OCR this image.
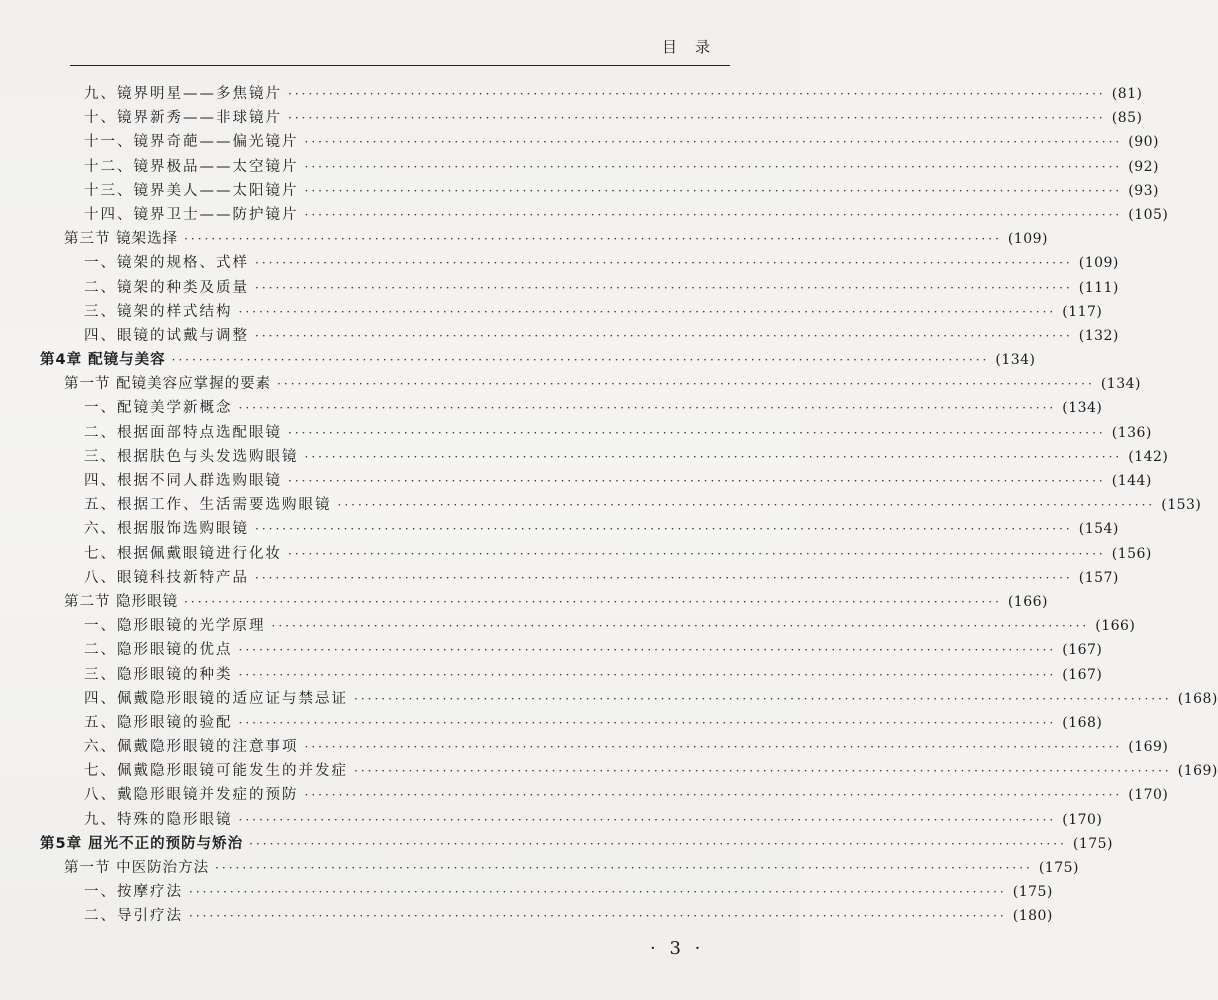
目录
九、镜界明星——多焦镜片 ························································································································ (81)
十、镜界新秀——非球镜片 ························································································································ (85)
十一、镜界奇葩——偏光镜片 ························································································································ (90)
十二、镜界极品——太空镜片 ························································································································ (92)
十三、镜界美人——太阳镜片 ························································································································ (93)
十四、镜界卫士——防护镜片 ························································································································ (105)
第三节 镜架选择 ························································································································ (109)
一、镜架的规格、式样 ························································································································ (109)
二、镜架的种类及质量 ························································································································ (111)
三、镜架的样式结构 ························································································································ (117)
四、眼镜的试戴与调整 ························································································································ (132)
第4章 配镜与美容 ························································································································ (134)
第一节 配镜美容应掌握的要素 ························································································································ (134)
一、配镜美学新概念 ························································································································ (134)
二、根据面部特点选配眼镜 ························································································································ (136)
三、根据肤色与头发选购眼镜 ························································································································ (142)
四、根据不同人群选购眼镜 ························································································································ (144)
五、根据工作、生活需要选购眼镜 ························································································································ (153)
六、根据服饰选购眼镜 ························································································································ (154)
七、根据佩戴眼镜进行化妆 ························································································································ (156)
八、眼镜科技新特产品 ························································································································ (157)
第二节 隐形眼镜 ························································································································ (166)
一、隐形眼镜的光学原理 ························································································································ (166)
二、隐形眼镜的优点 ························································································································ (167)
三、隐形眼镜的种类 ························································································································ (167)
四、佩戴隐形眼镜的适应证与禁忌证 ························································································································ (168)
五、隐形眼镜的验配 ························································································································ (168)
六、佩戴隐形眼镜的注意事项 ························································································································ (169)
七、佩戴隐形眼镜可能发生的并发症 ························································································································ (169)
八、戴隐形眼镜并发症的预防 ························································································································ (170)
九、特殊的隐形眼镜 ························································································································ (170)
第5章 屈光不正的预防与矫治 ························································································································ (175)
第一节 中医防治方法 ························································································································ (175)
一、按摩疗法 ························································································································ (175)
二、导引疗法 ························································································································ (180)
· 3 ·
